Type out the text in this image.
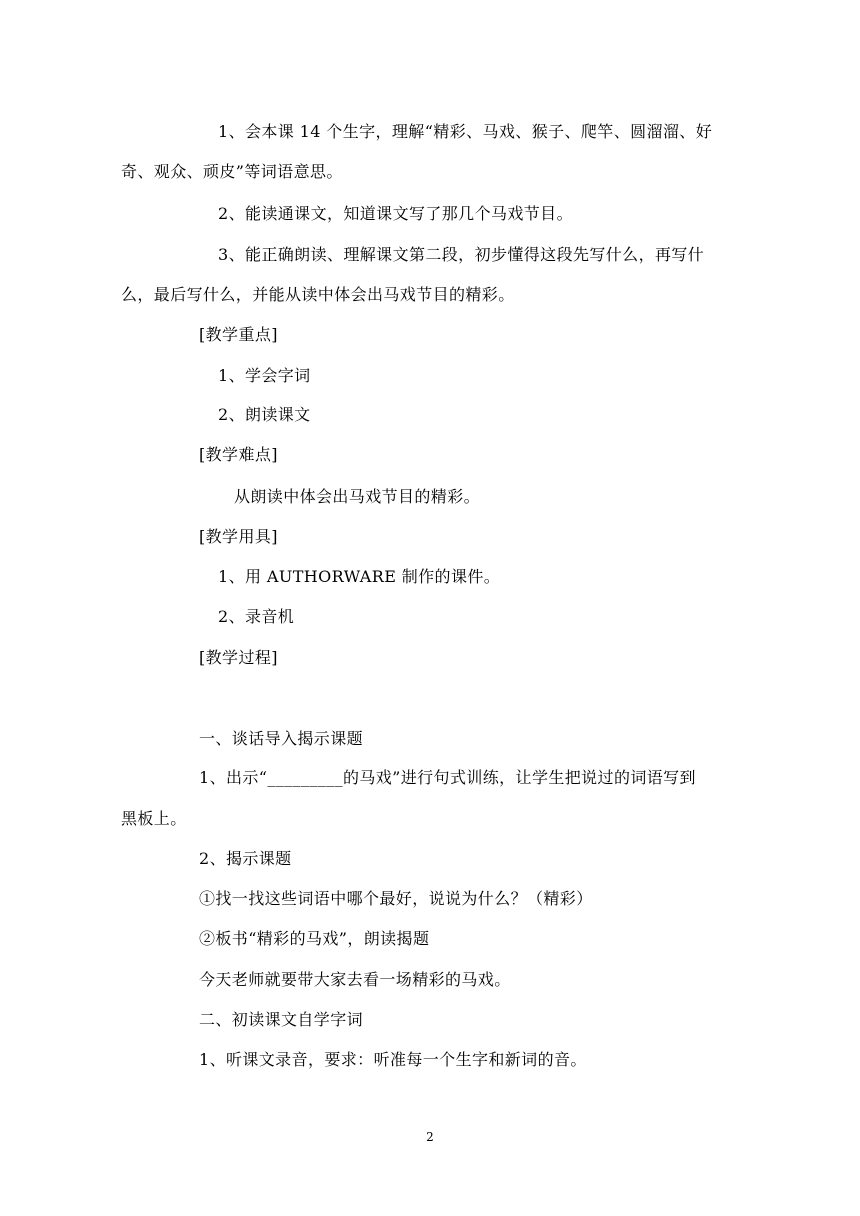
1、会本课 14 个生字，理解“精彩、马戏、猴子、爬竿、圆溜溜、好
奇、观众、顽皮”等词语意思。
2、能读通课文，知道课文写了那几个马戏节目。
3、能正确朗读、理解课文第二段，初步懂得这段先写什么，再写什
么，最后写什么，并能从读中体会出马戏节目的精彩。
[教学重点]
1、学会字词
2、朗读课文
[教学难点]
从朗读中体会出马戏节目的精彩。
[教学用具]
1、用 AUTHORWARE 制作的课件。
2、录音机
[教学过程]
一、谈话导入揭示课题
1、出示“_________的马戏”进行句式训练，让学生把说过的词语写到
黑板上。
2、揭示课题
①找一找这些词语中哪个最好，说说为什么？（精彩）
②板书“精彩的马戏”，朗读揭题
今天老师就要带大家去看一场精彩的马戏。
二、初读课文自学字词
1、听课文录音，要求：听准每一个生字和新词的音。
2
